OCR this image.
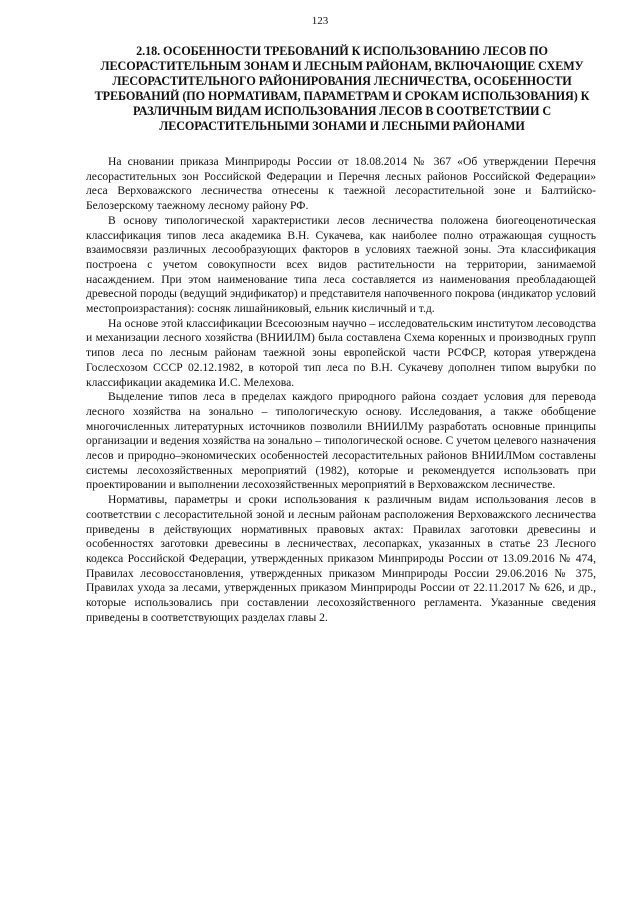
123
2.18. ОСОБЕННОСТИ ТРЕБОВАНИЙ К ИСПОЛЬЗОВАНИЮ ЛЕСОВ ПО ЛЕСОРАСТИТЕЛЬНЫМ ЗОНАМ И ЛЕСНЫМ РАЙОНАМ, ВКЛЮЧАЮЩИЕ СХЕМУ ЛЕСОРАСТИТЕЛЬНОГО РАЙОНИРОВАНИЯ ЛЕСНИЧЕСТВА, ОСОБЕННОСТИ ТРЕБОВАНИЙ (ПО НОРМАТИВАМ, ПАРАМЕТРАМ И СРОКАМ ИСПОЛЬЗОВАНИЯ) К РАЗЛИЧНЫМ ВИДАМ ИСПОЛЬЗОВАНИЯ ЛЕСОВ В СООТВЕТСТВИИ С ЛЕСОРАСТИТЕЛЬНЫМИ ЗОНАМИ И ЛЕСНЫМИ РАЙОНАМИ

На сновании приказа Минприроды России от 18.08.2014 № 367 «Об утверждении Перечня лесорастительных зон Российской Федерации и Перечня лесных районов Российской Федерации» леса Верховажского лесничества отнесены к таежной лесорастительной зоне и Балтийско-Белозерскому таежному лесному району РФ.

В основу типологической характеристики лесов лесничества положена биогеоценотическая классификация типов леса академика В.Н. Сукачева, как наиболее полно отражающая сущность взаимосвязи различных лесообразующих факторов в условиях таежной зоны. Эта классификация построена с учетом совокупности всех видов растительности на территории, занимаемой насаждением. При этом наименование типа леса составляется из наименования преобладающей древесной породы (ведущий эндификатор) и представителя напочвенного покрова (индикатор условий местопроизрастания): сосняк лишайниковый, ельник кисличный и т.д.

На основе этой классификации Всесоюзным научно – исследовательским институтом лесоводства и механизации лесного хозяйства (ВНИИЛМ) была составлена Схема коренных и производных групп типов леса по лесным районам таежной зоны европейской части РСФСР, которая утверждена Гослесхозом СССР 02.12.1982, в которой тип леса по В.Н. Сукачеву дополнен типом вырубки по классификации академика И.С. Мелехова.

Выделение типов леса в пределах каждого природного района создает условия для перевода лесного хозяйства на зонально – типологическую основу. Исследования, а также обобщение многочисленных литературных источников позволили ВНИИЛМу разработать основные принципы организации и ведения хозяйства на зонально – типологической основе. С учетом целевого назначения лесов и природно–экономических особенностей лесорастительных районов ВНИИЛМом составлены системы лесохозяйственных мероприятий (1982), которые и рекомендуется использовать при проектировании и выполнении лесохозяйственных мероприятий в Верховажском лесничестве.

Нормативы, параметры и сроки использования к различным видам использования лесов в соответствии с лесорастительной зоной и лесным районам расположения Верховажского лесничества приведены в действующих нормативных правовых актах: Правилах заготовки древесины и особенностях заготовки древесины в лесничествах, лесопарках, указанных в статье 23 Лесного кодекса Российской Федерации, утвержденных приказом Минприроды России от 13.09.2016 № 474, Правилах лесовосстановления, утвержденных приказом Минприроды России 29.06.2016 № 375, Правилах ухода за лесами, утвержденных приказом Минприроды России от 22.11.2017 № 626, и др., которые использовались при составлении лесохозяйственного регламента. Указанные сведения приведены в соответствующих разделах главы 2.
